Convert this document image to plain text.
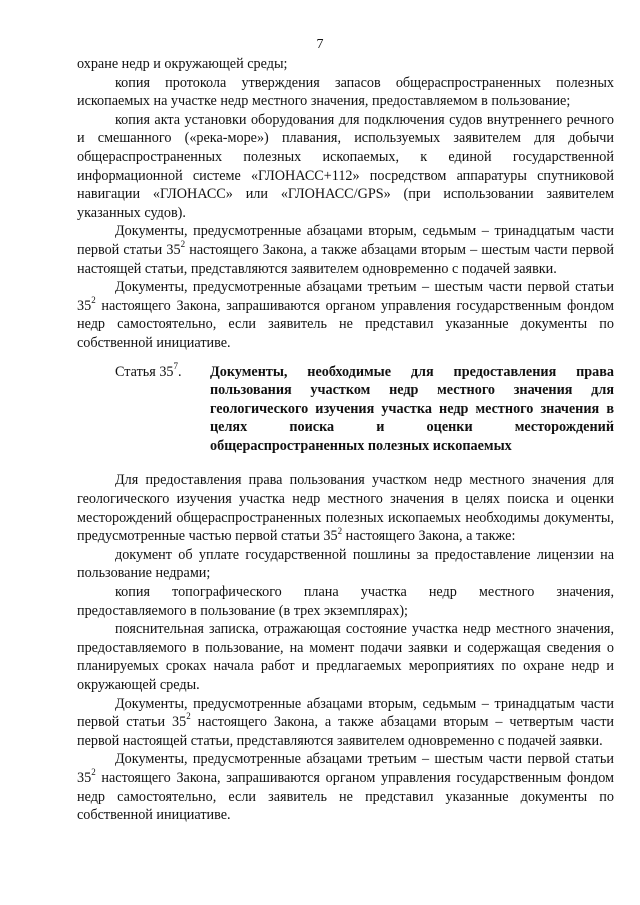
7

охране недр и окружающей среды;

копия протокола утверждения запасов общераспространенных полезных ископаемых на участке недр местного значения, предоставляемом в пользование;

копия акта установки оборудования для подключения судов внутреннего речного и смешанного («река-море») плавания, используемых заявителем для добычи общераспространенных полезных ископаемых, к единой государственной информационной системе «ГЛОНАСС+112» посредством аппаратуры спутниковой навигации «ГЛОНАСС» или «ГЛОНАСС/GPS» (при использовании заявителем указанных судов).

Документы, предусмотренные абзацами вторым, седьмым – тринадцатым части первой статьи $35^2$ настоящего Закона, а также абзацами вторым – шестым части первой настоящей статьи, представляются заявителем одновременно с подачей заявки.

Документы, предусмотренные абзацами третьим – шестым части первой статьи $35^2$ настоящего Закона, запрашиваются органом управления государственным фондом недр самостоятельно, если заявитель не представил указанные документы по собственной инициативе.

Статья $35^7$.	Документы, необходимые для предоставления права пользования участком недр местного значения для геологического изучения участка недр местного значения в целях поиска и оценки месторождений общераспространенных полезных ископаемых

Для предоставления права пользования участком недр местного значения для геологического изучения участка недр местного значения в целях поиска и оценки месторождений общераспространенных полезных ископаемых необходимы документы, предусмотренные частью первой статьи $35^2$ настоящего Закона, а также:

документ об уплате государственной пошлины за предоставление лицензии на пользование недрами;

копия топографического плана участка недр местного значения, предоставляемого в пользование (в трех экземплярах);

пояснительная записка, отражающая состояние участка недр местного значения, предоставляемого в пользование, на момент подачи заявки и содержащая сведения о планируемых сроках начала работ и предлагаемых мероприятиях по охране недр и окружающей среды.

Документы, предусмотренные абзацами вторым, седьмым – тринадцатым части первой статьи $35^2$ настоящего Закона, а также абзацами вторым – четвертым части первой настоящей статьи, представляются заявителем одновременно с подачей заявки.

Документы, предусмотренные абзацами третьим – шестым части первой статьи $35^2$ настоящего Закона, запрашиваются органом управления государственным фондом недр самостоятельно, если заявитель не представил указанные документы по собственной инициативе.
